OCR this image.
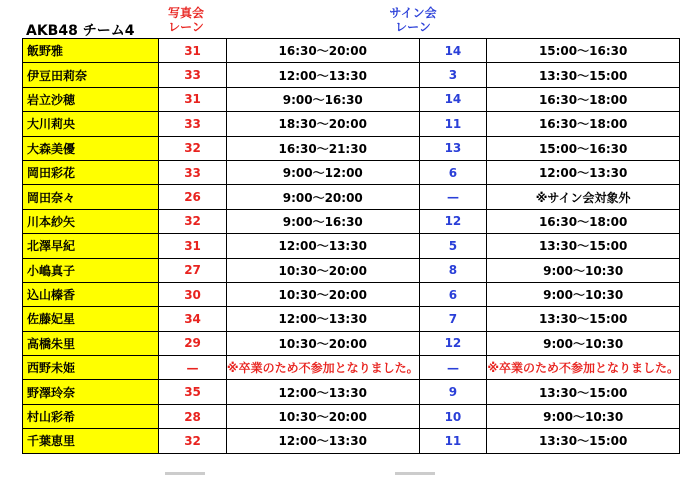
AKB48 チーム4
写真会
レーン
サイン会
レーン
飯野雅	31	16:30～20:00	14	15:00～16:30
伊豆田莉奈	33	12:00～13:30	3	13:30～15:00
岩立沙穂	31	9:00～16:30	14	16:30～18:00
大川莉央	33	18:30～20:00	11	16:30～18:00
大森美優	32	16:30～21:30	13	15:00～16:30
岡田彩花	33	9:00～12:00	6	12:00～13:30
岡田奈々	26	9:00～20:00	—	※サイン会対象外
川本紗矢	32	9:00～16:30	12	16:30～18:00
北澤早紀	31	12:00～13:30	5	13:30～15:00
小嶋真子	27	10:30～20:00	8	9:00～10:30
込山榛香	30	10:30～20:00	6	9:00～10:30
佐藤妃星	34	12:00～13:30	7	13:30～15:00
高橋朱里	29	10:30～20:00	12	9:00～10:30
西野未姫	—	※卒業のため不参加となりました。	—	※卒業のため不参加となりました。
野澤玲奈	35	12:00～13:30	9	13:30～15:00
村山彩希	28	10:30～20:00	10	9:00～10:30
千葉恵里	32	12:00～13:30	11	13:30～15:00
